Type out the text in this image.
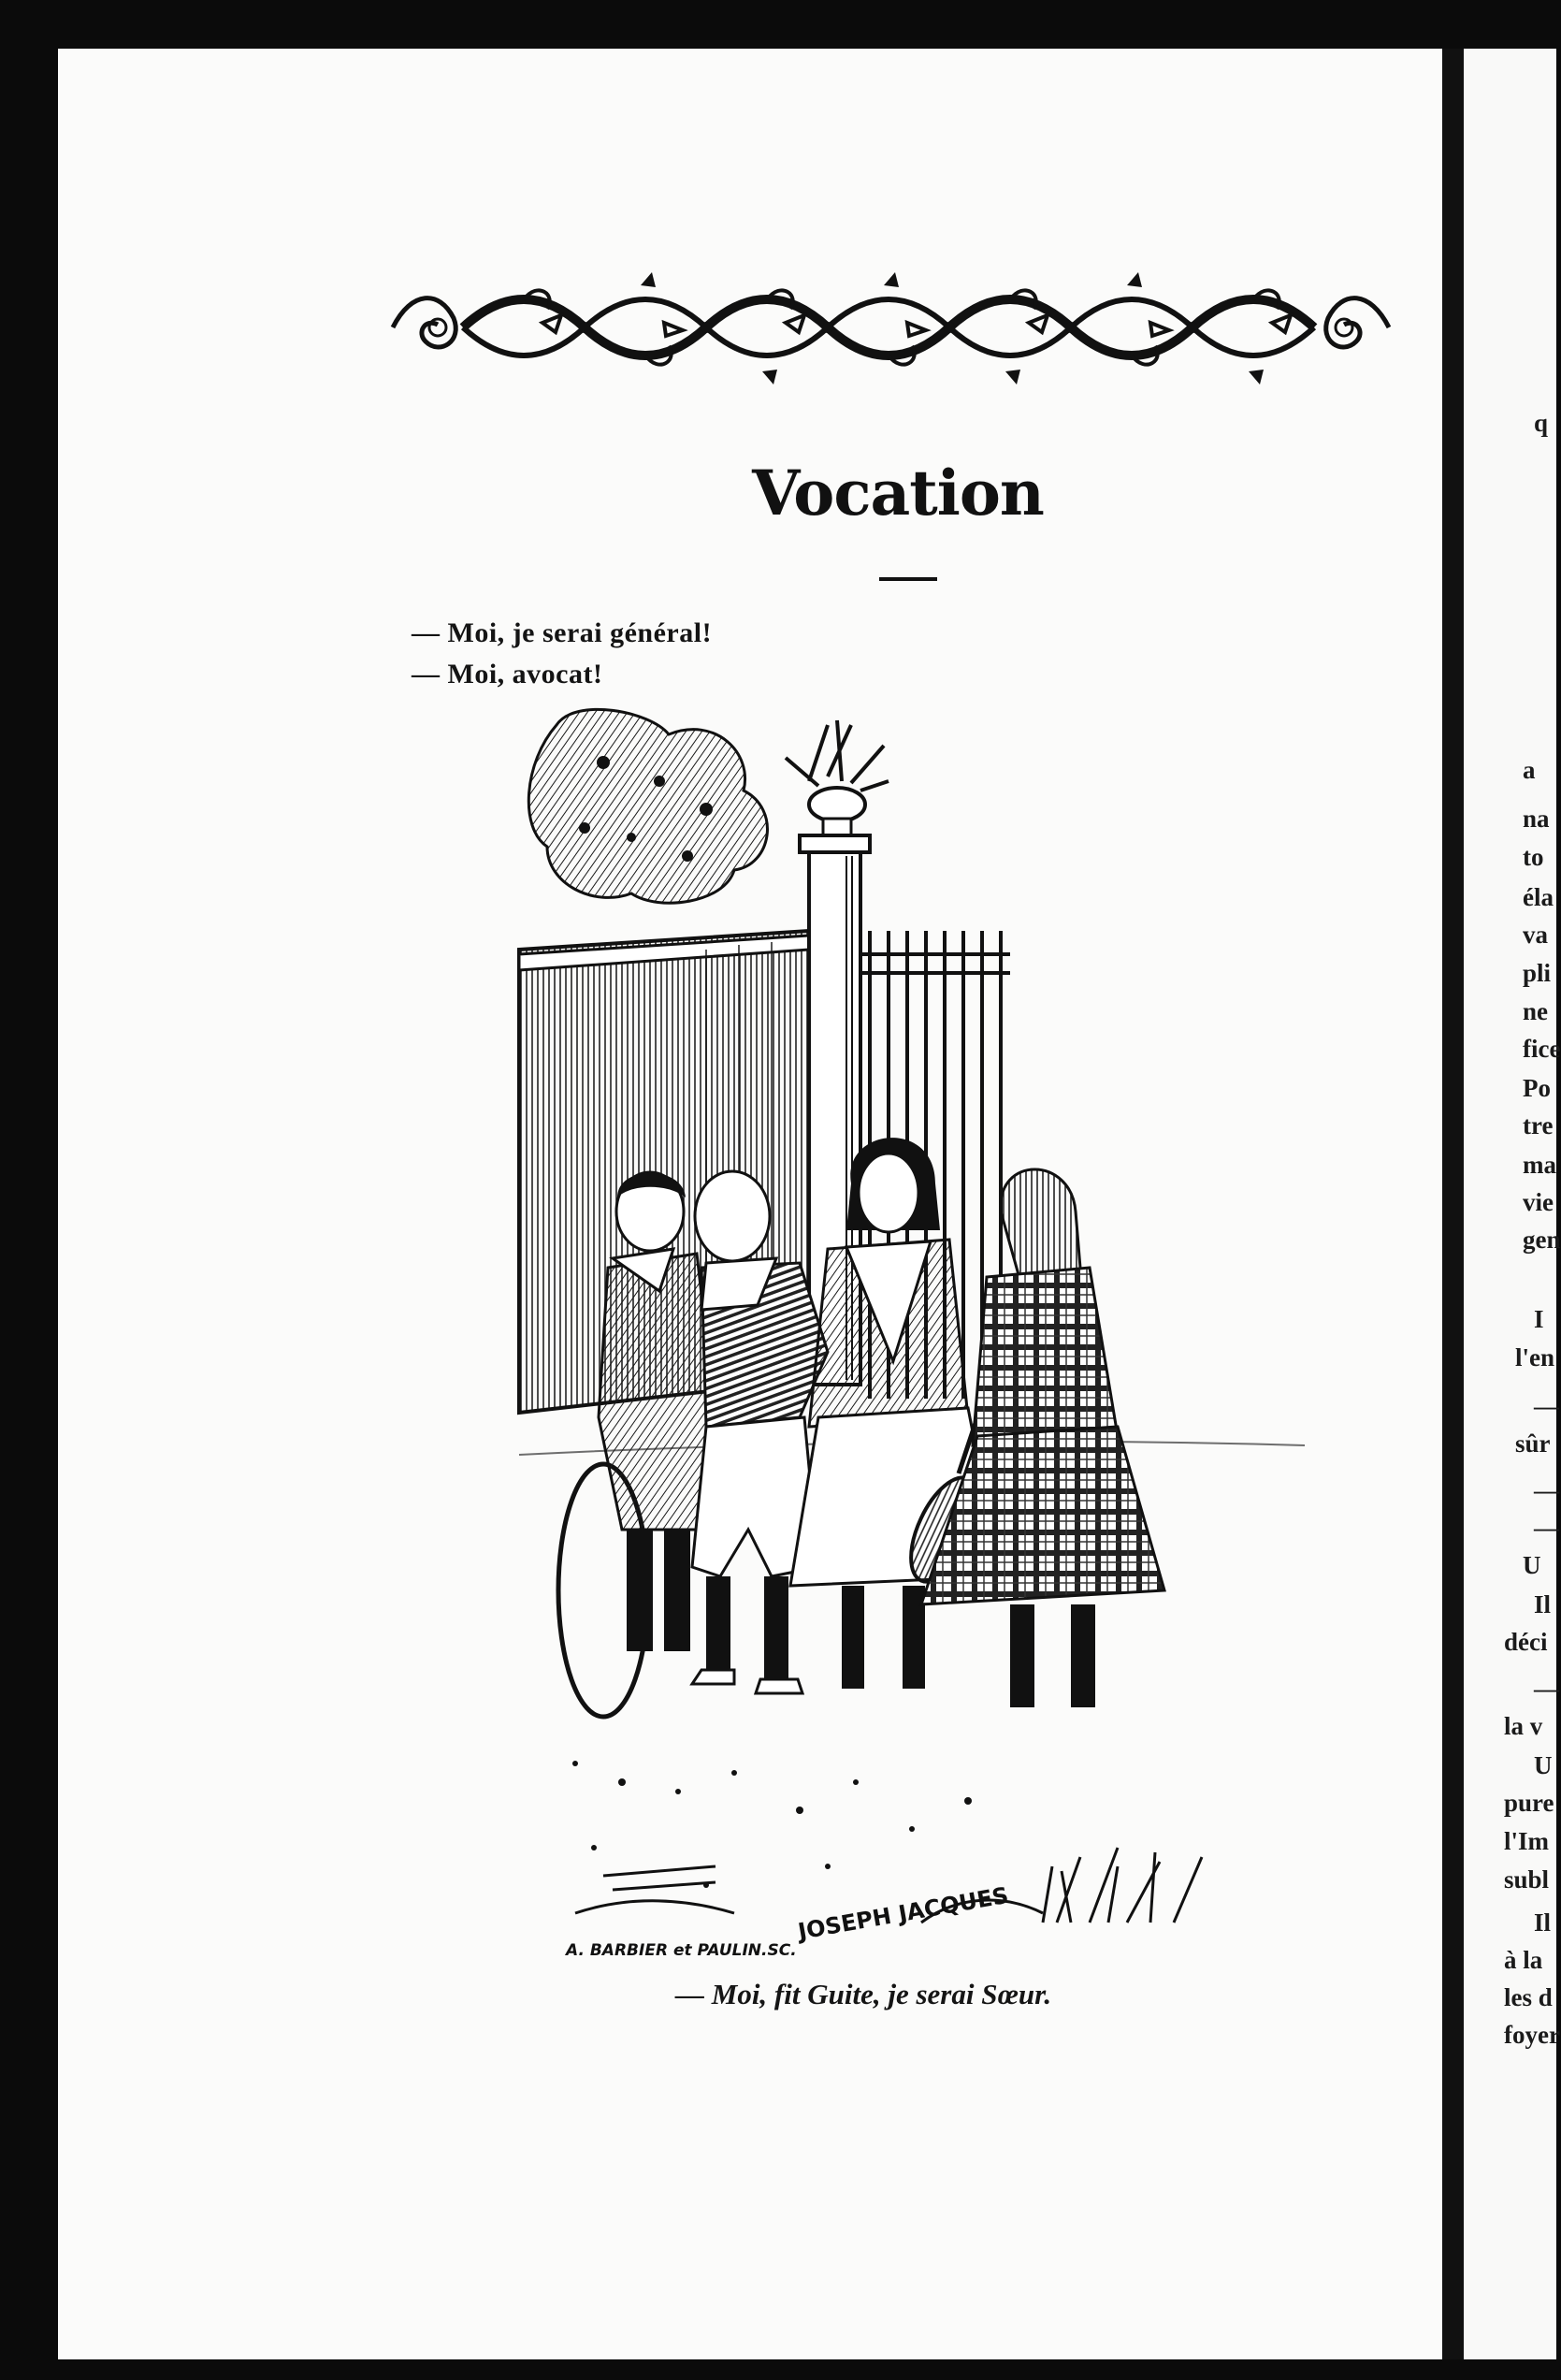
Vocation
— Moi, je serai général!
— Moi, avocat!
A. BARBIER et PAULIN.SC.
JOSEPH JACQUES
— Moi, fit Guite, je serai Sœur.
q
a
na
to
éla
va
pli
ne
fice
Po
tre
ma
vie
gen
I
l'en
—
sûr
—
—
U
Il
déci
—
la v
U
pure
l'Im
subl
Il
à la
les d
foyer
